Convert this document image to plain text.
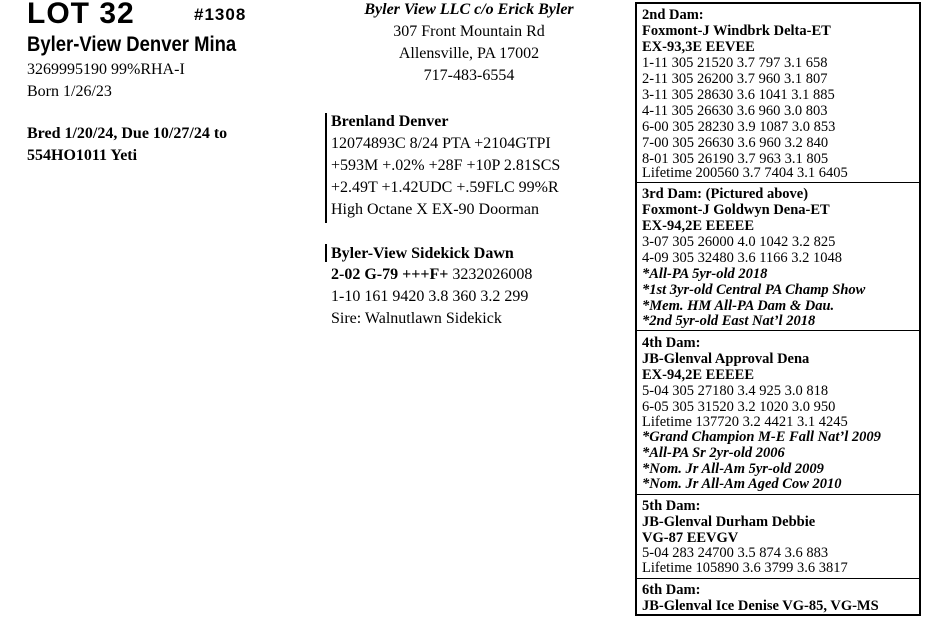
LOT 32	#1308
Byler-View Denver Mina
3269995190 99%RHA-I
Born 1/26/23
Bred 1/20/24, Due 10/27/24 to
554HO1011 Yeti
Byler View LLC c/o Erick Byler
307 Front Mountain Rd
Allensville, PA 17002
717-483-6554
Brenland Denver
12074893C 8/24 PTA +2104GTPI
+593M +.02% +28F +10P 2.81SCS
+2.49T +1.42UDC +.59FLC 99%R
High Octane X EX-90 Doorman
Byler-View Sidekick Dawn
2-02 G-79 +++F+ 3232026008
1-10 161 9420 3.8 360 3.2 299
Sire: Walnutlawn Sidekick
2nd Dam:
Foxmont-J Windbrk Delta-ET
EX-93,3E EEVEE
1-11 305 21520 3.7 797 3.1 658
2-11 305 26200 3.7 960 3.1 807
3-11 305 28630 3.6 1041 3.1 885
4-11 305 26630 3.6 960 3.0 803
6-00 305 28230 3.9 1087 3.0 853
7-00 305 26630 3.6 960 3.2 840
8-01 305 26190 3.7 963 3.1 805
Lifetime 200560 3.7 7404 3.1 6405
3rd Dam: (Pictured above)
Foxmont-J Goldwyn Dena-ET
EX-94,2E EEEEE
3-07 305 26000 4.0 1042 3.2 825
4-09 305 32480 3.6 1166 3.2 1048
*All-PA 5yr-old 2018
*1st 3yr-old Central PA Champ Show
*Mem. HM All-PA Dam & Dau.
*2nd 5yr-old East Nat’l 2018
4th Dam:
JB-Glenval Approval Dena
EX-94,2E EEEEE
5-04 305 27180 3.4 925 3.0 818
6-05 305 31520 3.2 1020 3.0 950
Lifetime 137720 3.2 4421 3.1 4245
*Grand Champion M-E Fall Nat’l 2009
*All-PA Sr 2yr-old 2006
*Nom. Jr All-Am 5yr-old 2009
*Nom. Jr All-Am Aged Cow 2010
5th Dam:
JB-Glenval Durham Debbie
VG-87 EEVGV
5-04 283 24700 3.5 874 3.6 883
Lifetime 105890 3.6 3799 3.6 3817
6th Dam:
JB-Glenval Ice Denise VG-85, VG-MS
